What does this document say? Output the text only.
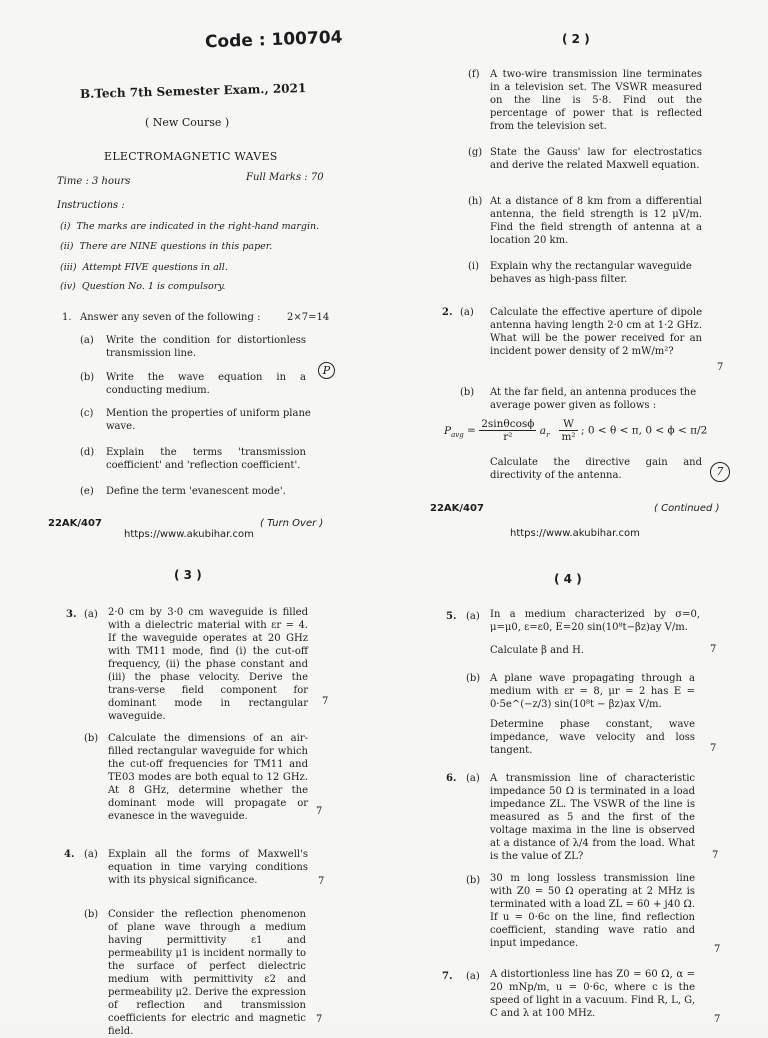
Code : 100704
B.Tech 7th Semester Exam., 2021
( New Course )
ELECTROMAGNETIC WAVES
Time : 3 hours	Full Marks : 70
Instructions :
(i) The marks are indicated in the right-hand margin.
(ii) There are NINE questions in this paper.
(iii) Attempt FIVE questions in all.
(iv) Question No. 1 is compulsory.
1. Answer any seven of the following :	2×7=14
(a) Write the condition for distortionless transmission line.
(b) Write the wave equation in a conducting medium.
(c) Mention the properties of uniform plane wave.
(d) Explain the terms 'transmission coefficient' and 'reflection coefficient'.
(e) Define the term 'evanescent mode'.
P
22AK/407	( Turn Over )
https://www.akubihar.com
( 2 )
(f) A two-wire transmission line terminates in a television set. The VSWR measured on the line is 5·8. Find out the percentage of power that is reflected from the television set.
(g) State the Gauss' law for electrostatics and derive the related Maxwell equation.
(h) At a distance of 8 km from a differential antenna, the field strength is 12 μV/m. Find the field strength of antenna at a location 20 km.
(i) Explain why the rectangular waveguide behaves as high-pass filter.
2. (a) Calculate the effective aperture of dipole antenna having length 2·0 cm at 1·2 GHz. What will be the power received for an incident power density of 2 mW/m²?
7
(b) At the far field, an antenna produces the average power given as follows :
$P_{avg} = \frac{2\sin\theta\cos\phi}{\text{r²}} a_r \frac{W}{\text{m²}}$ ; 0 < θ < π, 0 < ϕ < π/2
Calculate the directive gain and directivity of the antenna.	7
22AK/407	( Continued )
https://www.akubihar.com
( 3 )
3. (a) 2·0 cm by 3·0 cm waveguide is filled with a dielectric material with εr = 4. If the waveguide operates at 20 GHz with TM11 mode, find (i) the cut-off frequency, (ii) the phase constant and (iii) the phase velocity. Derive the trans-verse field component for dominant mode in rectangular waveguide.
7
(b) Calculate the dimensions of an air-filled rectangular waveguide for which the cut-off frequencies for TM11 and TE03 modes are both equal to 12 GHz. At 8 GHz, determine whether the dominant mode will propagate or evanesce in the waveguide.	7
4. (a) Explain all the forms of Maxwell's equation in time varying conditions with its physical significance.	7
(b) Consider the reflection phenomenon of plane wave through a medium having permittivity ε1 and permeability μ1 is incident normally to the surface of perfect dielectric medium with permittivity ε2 and permeability μ2. Derive the expression of reflection and transmission coefficients for electric and magnetic field.
7
( 4 )
5. (a) In a medium characterized by σ=0, μ=μ0, ε=ε0, E=20 sin(10⁸t−βz)ay V/m.
Calculate β and H.	7
(b) A plane wave propagating through a medium with εr = 8, μr = 2 has E = 0·5e^(−z/3) sin(10⁸t − βz)ax V/m.
Determine phase constant, wave impedance, wave velocity and loss tangent.	7
6. (a) A transmission line of characteristic impedance 50 Ω is terminated in a load impedance ZL. The VSWR of the line is measured as 5 and the first of the voltage maxima in the line is observed at a distance of λ/4 from the load. What is the value of ZL?	7
(b) 30 m long lossless transmission line with Z0 = 50 Ω operating at 2 MHz is terminated with a load ZL = 60 + j40 Ω. If u = 0·6c on the line, find reflection coefficient, standing wave ratio and input impedance.
7
7. (a) A distortionless line has Z0 = 60 Ω, α = 20 mNp/m, u = 0·6c, where c is the speed of light in a vacuum. Find R, L, G, C and λ at 100 MHz.
7
